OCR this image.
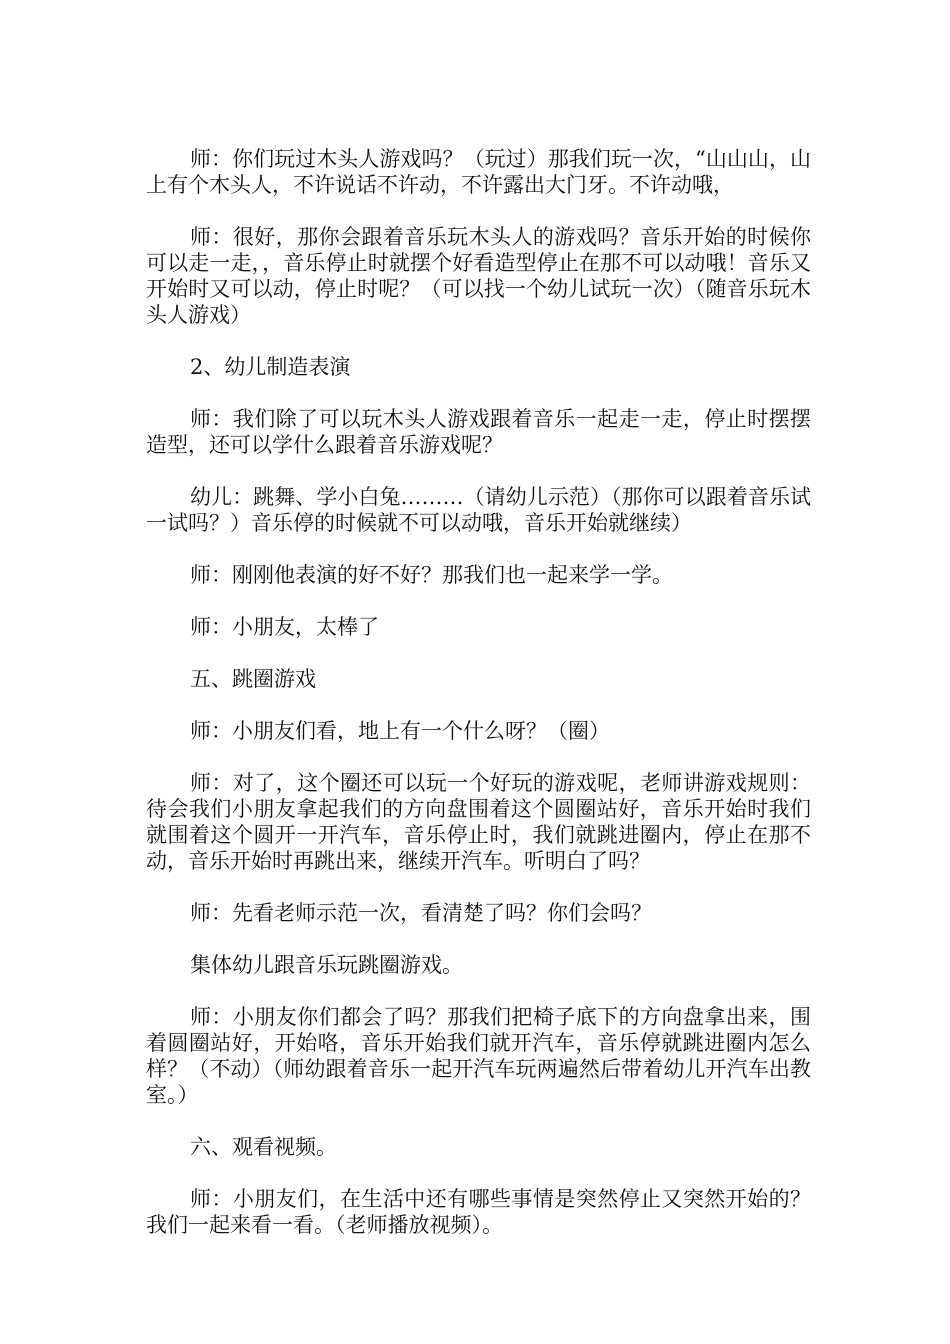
师：你们玩过木头人游戏吗？（玩过）那我们玩一次，“山山山，山上有个木头人，不许说话不许动，不许露出大门牙。不许动哦，

师：很好，那你会跟着音乐玩木头人的游戏吗？音乐开始的时候你可以走一走，，音乐停止时就摆个好看造型停止在那不可以动哦！音乐又开始时又可以动，停止时呢？（可以找一个幼儿试玩一次）（随音乐玩木头人游戏）

2、幼儿制造表演

师：我们除了可以玩木头人游戏跟着音乐一起走一走，停止时摆摆造型，还可以学什么跟着音乐游戏呢？

幼儿：跳舞、学小白兔………（请幼儿示范）（那你可以跟着音乐试一试吗？）音乐停的时候就不可以动哦，音乐开始就继续）

师：刚刚他表演的好不好？那我们也一起来学一学。

师：小朋友，太棒了

五、跳圈游戏

师：小朋友们看，地上有一个什么呀？（圈）

师：对了，这个圈还可以玩一个好玩的游戏呢，老师讲游戏规则：待会我们小朋友拿起我们的方向盘围着这个圆圈站好，音乐开始时我们就围着这个圆开一开汽车，音乐停止时，我们就跳进圈内，停止在那不动，音乐开始时再跳出来，继续开汽车。听明白了吗？

师：先看老师示范一次，看清楚了吗？你们会吗？

集体幼儿跟音乐玩跳圈游戏。

师：小朋友你们都会了吗？那我们把椅子底下的方向盘拿出来，围着圆圈站好，开始咯，音乐开始我们就开汽车，音乐停就跳进圈内怎么样？（不动）（师幼跟着音乐一起开汽车玩两遍然后带着幼儿开汽车出教室。）

六、观看视频。

师：小朋友们，在生活中还有哪些事情是突然停止又突然开始的？我们一起来看一看。（老师播放视频）。
